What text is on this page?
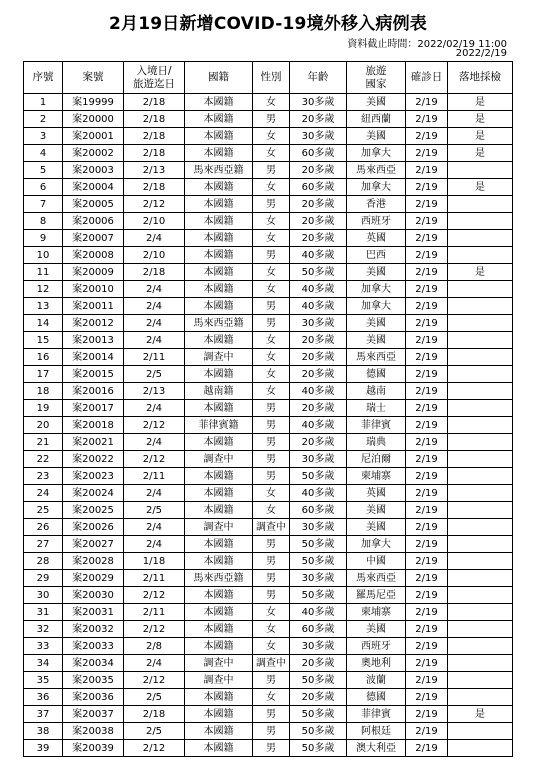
2月19日新增COVID-19境外移入病例表
資料截止時間：2022/02/19 11:00
2022/2/19
序號	案號	入境日/
旅遊迄日	國籍	性別	年齡	旅遊
國家	確診日	落地採檢

1	案19999	2/18	本國籍	女	30多歲	美國	2/19	是
2	案20000	2/18	本國籍	男	20多歲	紐西蘭	2/19	是
3	案20001	2/18	本國籍	女	30多歲	美國	2/19	是
4	案20002	2/18	本國籍	女	60多歲	加拿大	2/19	是
5	案20003	2/13	馬來西亞籍	男	20多歲	馬來西亞	2/19	
6	案20004	2/18	本國籍	女	60多歲	加拿大	2/19	是
7	案20005	2/12	本國籍	男	20多歲	香港	2/19	
8	案20006	2/10	本國籍	女	20多歲	西班牙	2/19	
9	案20007	2/4	本國籍	女	20多歲	英國	2/19	
10	案20008	2/10	本國籍	男	40多歲	巴西	2/19	
11	案20009	2/18	本國籍	女	50多歲	美國	2/19	是
12	案20010	2/4	本國籍	女	40多歲	加拿大	2/19	
13	案20011	2/4	本國籍	男	40多歲	加拿大	2/19	
14	案20012	2/4	馬來西亞籍	男	30多歲	美國	2/19	
15	案20013	2/4	本國籍	女	20多歲	美國	2/19	
16	案20014	2/11	調查中	女	20多歲	馬來西亞	2/19	
17	案20015	2/5	本國籍	女	20多歲	德國	2/19	
18	案20016	2/13	越南籍	女	40多歲	越南	2/19	
19	案20017	2/4	本國籍	男	20多歲	瑞士	2/19	
20	案20018	2/12	菲律賓籍	男	40多歲	菲律賓	2/19	
21	案20021	2/4	本國籍	男	20多歲	瑞典	2/19	
22	案20022	2/12	調查中	男	30多歲	尼泊爾	2/19	
23	案20023	2/11	本國籍	男	50多歲	柬埔寨	2/19	
24	案20024	2/4	本國籍	女	40多歲	英國	2/19	
25	案20025	2/5	本國籍	女	60多歲	美國	2/19	
26	案20026	2/4	調查中	調查中	30多歲	美國	2/19	
27	案20027	2/4	本國籍	男	50多歲	加拿大	2/19	
28	案20028	1/18	本國籍	男	50多歲	中國	2/19	
29	案20029	2/11	馬來西亞籍	男	30多歲	馬來西亞	2/19	
30	案20030	2/12	本國籍	男	50多歲	羅馬尼亞	2/19	
31	案20031	2/11	本國籍	女	40多歲	柬埔寨	2/19	
32	案20032	2/12	本國籍	女	60多歲	美國	2/19	
33	案20033	2/8	本國籍	女	30多歲	西班牙	2/19	
34	案20034	2/4	調查中	調查中	20多歲	奧地利	2/19	
35	案20035	2/12	調查中	男	50多歲	波蘭	2/19	
36	案20036	2/5	本國籍	女	20多歲	德國	2/19	
37	案20037	2/18	本國籍	男	50多歲	菲律賓	2/19	是
38	案20038	2/5	本國籍	男	50多歲	阿根廷	2/19	
39	案20039	2/12	本國籍	男	50多歲	澳大利亞	2/19	
